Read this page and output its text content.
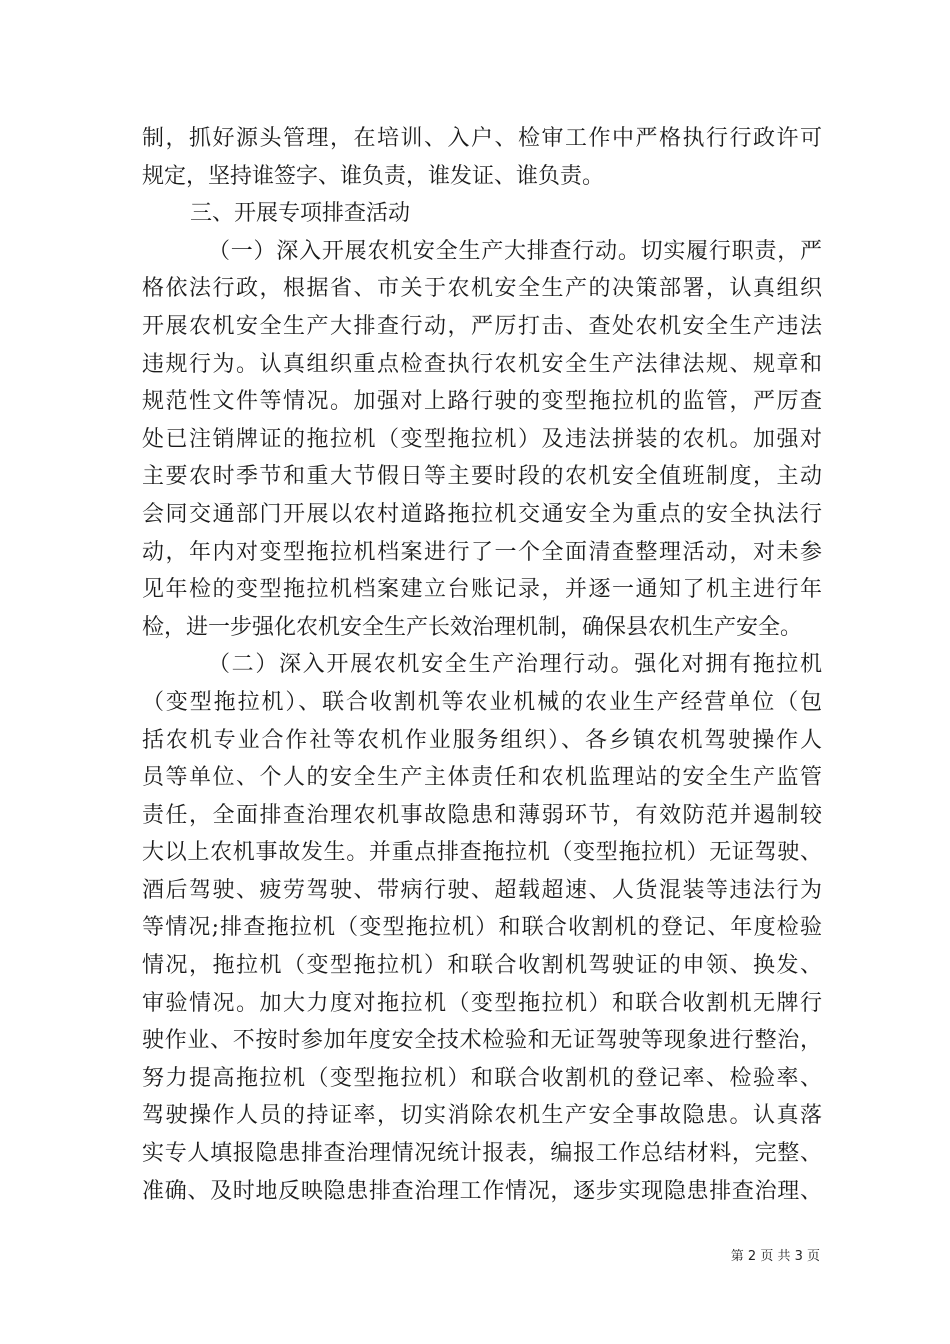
制，抓好源头管理，在培训、入户、检审工作中严格执行行政许可
规定，坚持谁签字、谁负责，谁发证、谁负责。
三、开展专项排查活动
（一）深入开展农机安全生产大排查行动。切实履行职责，严
格依法行政，根据省、市关于农机安全生产的决策部署，认真组织
开展农机安全生产大排查行动，严厉打击、查处农机安全生产违法
违规行为。认真组织重点检查执行农机安全生产法律法规、规章和
规范性文件等情况。加强对上路行驶的变型拖拉机的监管，严厉查
处已注销牌证的拖拉机（变型拖拉机）及违法拼装的农机。加强对
主要农时季节和重大节假日等主要时段的农机安全值班制度，主动
会同交通部门开展以农村道路拖拉机交通安全为重点的安全执法行
动，年内对变型拖拉机档案进行了一个全面清查整理活动，对未参
见年检的变型拖拉机档案建立台账记录，并逐一通知了机主进行年
检，进一步强化农机安全生产长效治理机制，确保县农机生产安全。
（二）深入开展农机安全生产治理行动。强化对拥有拖拉机
（变型拖拉机）、联合收割机等农业机械的农业生产经营单位（包
括农机专业合作社等农机作业服务组织）、各乡镇农机驾驶操作人
员等单位、个人的安全生产主体责任和农机监理站的安全生产监管
责任，全面排查治理农机事故隐患和薄弱环节，有效防范并遏制较
大以上农机事故发生。并重点排查拖拉机（变型拖拉机）无证驾驶、
酒后驾驶、疲劳驾驶、带病行驶、超载超速、人货混装等违法行为
等情况;排查拖拉机（变型拖拉机）和联合收割机的登记、年度检验
情况，拖拉机（变型拖拉机）和联合收割机驾驶证的申领、换发、
审验情况。加大力度对拖拉机（变型拖拉机）和联合收割机无牌行
驶作业、不按时参加年度安全技术检验和无证驾驶等现象进行整治，
努力提高拖拉机（变型拖拉机）和联合收割机的登记率、检验率、
驾驶操作人员的持证率，切实消除农机生产安全事故隐患。认真落
实专人填报隐患排查治理情况统计报表，编报工作总结材料，完整、
准确、及时地反映隐患排查治理工作情况，逐步实现隐患排查治理、
第 2 页 共 3 页
